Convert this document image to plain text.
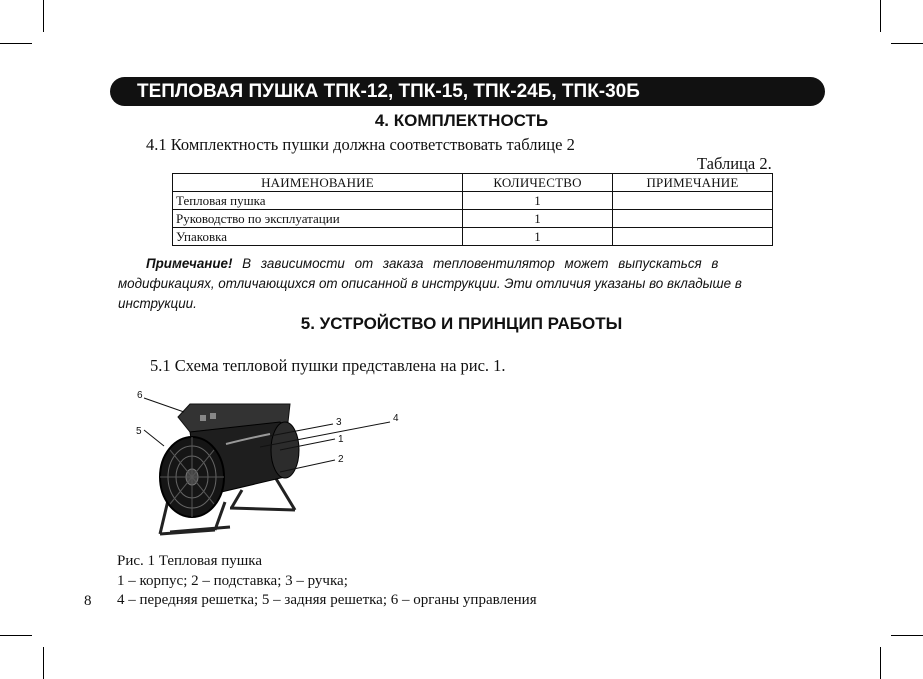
ТЕПЛОВАЯ ПУШКА ТПК-12, ТПК-15, ТПК-24Б, ТПК-30Б
4. КОМПЛЕКТНОСТЬ
4.1 Комплектность пушки должна соответствовать таблице 2
Таблица 2.
НАИМЕНОВАНИЕ	КОЛИЧЕСТВО	ПРИМЕЧАНИЕ
Тепловая пушка	1	
Руководство по эксплуатации	1	
Упаковка	1	
Примечание! В зависимости от заказа тепловентилятор может выпускаться в
модификациях, отличающихся от описанной в инструкции. Эти отличия указаны во вкладыше в
инструкции.
5. УСТРОЙСТВО И ПРИНЦИП РАБОТЫ
5.1 Схема тепловой пушки представлена на рис. 1.
1
2
3	4
5
6
Рис. 1 Тепловая пушка
1 – корпус; 2 – подставка; 3 – ручка;
4 – передняя решетка; 5 – задняя решетка; 6 – органы управления
8
